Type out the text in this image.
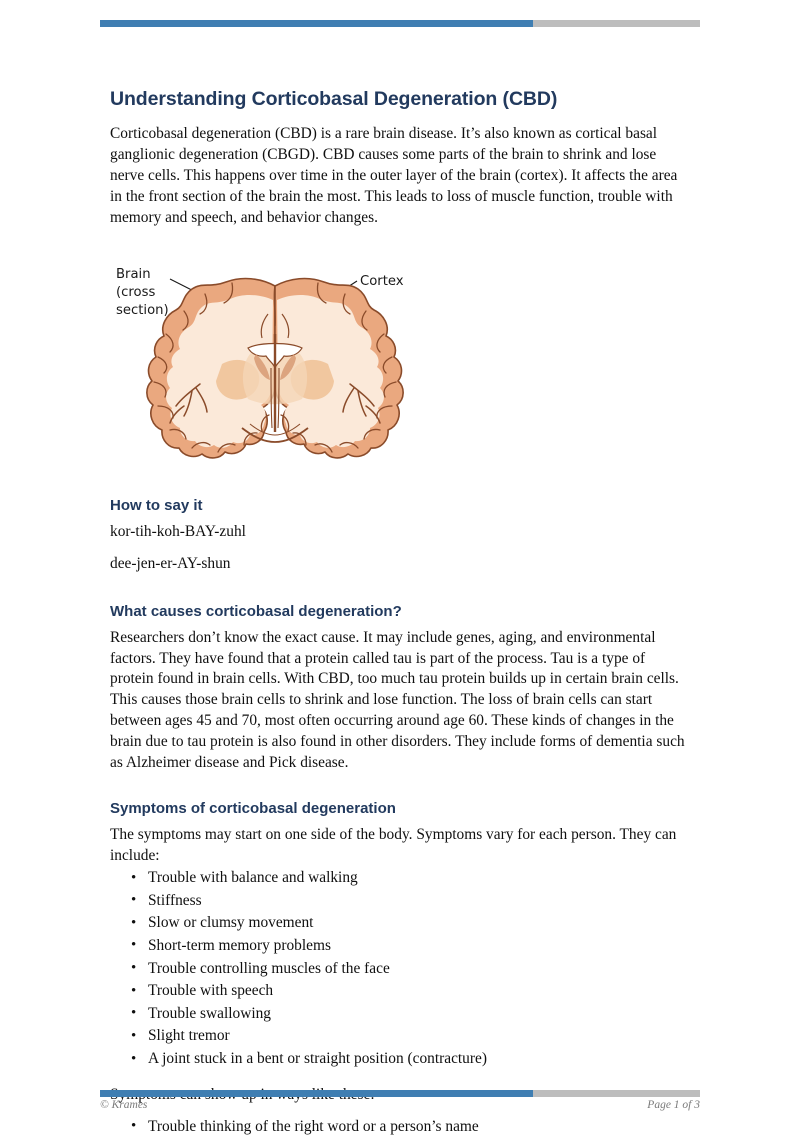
Understanding Corticobasal Degeneration (CBD)

Corticobasal degeneration (CBD) is a rare brain disease. It’s also known as cortical basal ganglionic degeneration (CBGD). CBD causes some parts of the brain to shrink and lose nerve cells. This happens over time in the outer layer of the brain (cortex). It affects the area in the front section of the brain the most. This leads to loss of muscle function, trouble with memory and speech, and behavior changes.

Brain
(cross
section)
Cortex
How to say it

kor-tih-koh-BAY-zuhl

dee-jen-er-AY-shun

What causes corticobasal degeneration?

Researchers don’t know the exact cause. It may include genes, aging, and environmental factors. They have found that a protein called tau is part of the process. Tau is a type of protein found in brain cells. With CBD, too much tau protein builds up in certain brain cells. This causes those brain cells to shrink and lose function. The loss of brain cells can start between ages 45 and 70, most often occurring around age 60. These kinds of changes in the brain due to tau protein is also found in other disorders. They include forms of dementia such as Alzheimer disease and Pick disease.

Symptoms of corticobasal degeneration

The symptoms may start on one side of the body. Symptoms vary for each person. They can include:

• Trouble with balance and walking
• Stiffness
• Slow or clumsy movement
• Short-term memory problems
• Trouble controlling muscles of the face
• Trouble with speech
• Trouble swallowing
• Slight tremor
• A joint stuck in a bent or straight position (contracture)

• Trouble thinking of the right word or a person’s name
© Krames	Page 1 of 3
